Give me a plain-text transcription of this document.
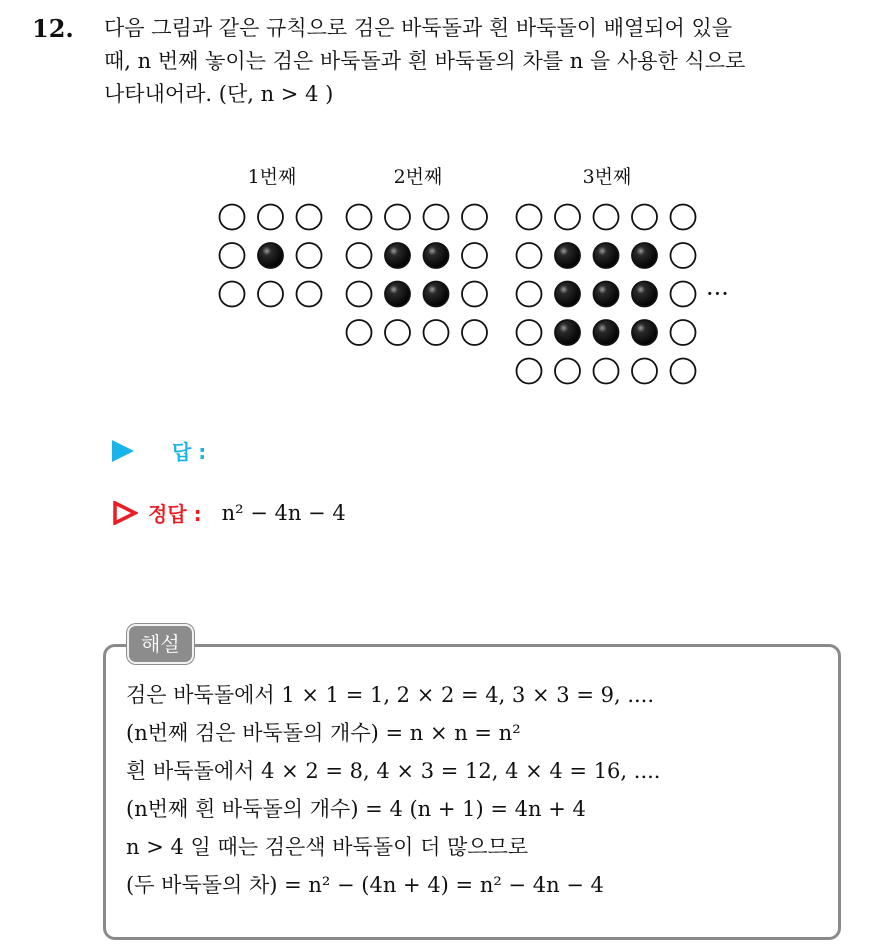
12. 다음 그림과 같은 규칙으로 검은 바둑돌과 흰 바둑돌이 배열되어 있을
때, n 번째 놓이는 검은 바둑돌과 흰 바둑돌의 차를 n 을 사용한 식으로
나타내어라. (단, n > 4 )
1번째	2번째	3번째
···
답 :
정답 : n² − 4n − 4
해설
검은 바둑돌에서 1 × 1 = 1, 2 × 2 = 4, 3 × 3 = 9, ....
(n번째 검은 바둑돌의 개수) = n × n = n²
흰 바둑돌에서 4 × 2 = 8, 4 × 3 = 12, 4 × 4 = 16, ....
(n번째 흰 바둑돌의 개수) = 4 (n + 1) = 4n + 4
n > 4 일 때는 검은색 바둑돌이 더 많으므로
(두 바둑돌의 차) = n² − (4n + 4) = n² − 4n − 4
